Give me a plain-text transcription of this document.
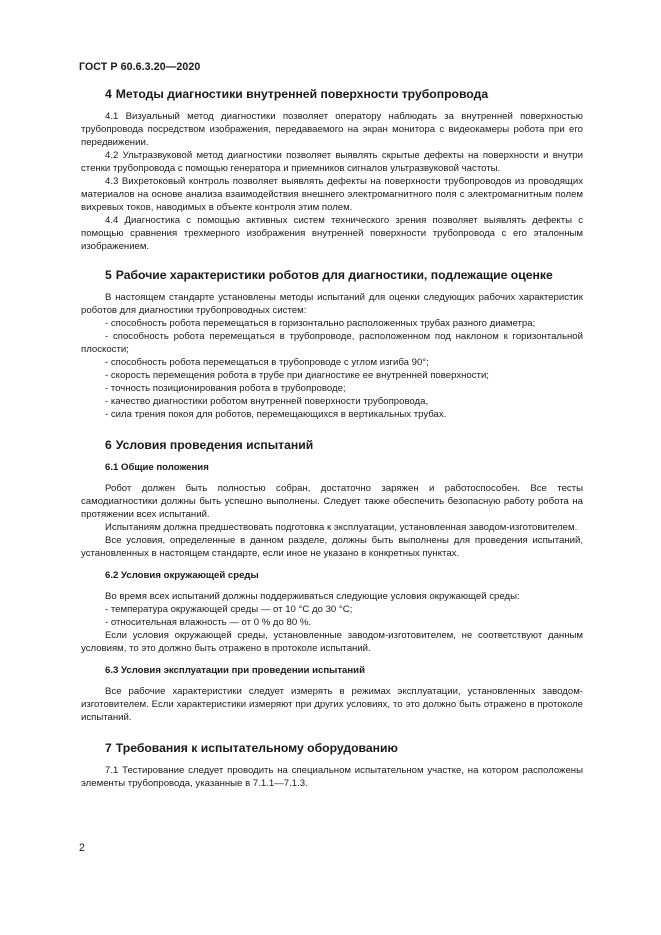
ГОСТ Р 60.6.3.20—2020
4 Методы диагностики внутренней поверхности трубопровода

4.1 Визуальный метод диагностики позволяет оператору наблюдать за внутренней поверхностью трубопровода посредством изображения, передаваемого на экран монитора с видеокамеры робота при его передвижении.

4.2 Ультразвуковой метод диагностики позволяет выявлять скрытые дефекты на поверхности и внутри стенки трубопровода с помощью генератора и приемников сигналов ультразвуковой частоты.

4.3 Вихретоковый контроль позволяет выявлять дефекты на поверхности трубопроводов из проводящих материалов на основе анализа взаимодействия внешнего электромагнитного поля с электромагнитным полем вихревых токов, наводимых в объекте контроля этим полем.

4.4 Диагностика с помощью активных систем технического зрения позволяет выявлять дефекты с помощью сравнения трехмерного изображения внутренней поверхности трубопровода с его эталонным изображением.

5 Рабочие характеристики роботов для диагностики, подлежащие оценке

В настоящем стандарте установлены методы испытаний для оценки следующих рабочих характеристик роботов для диагностики трубопроводных систем:

- способность робота перемещаться в горизонтально расположенных трубах разного диаметра;

- способность робота перемещаться в трубопроводе, расположенном под наклоном к горизонтальной плоскости;

- способность робота перемещаться в трубопроводе с углом изгиба 90°;

- скорость перемещения робота в трубе при диагностике ее внутренней поверхности;

- точность позиционирования робота в трубопроводе;

- качество диагностики роботом внутренней поверхности трубопровода,

- сила трения покоя для роботов, перемещающихся в вертикальных трубах.

6 Условия проведения испытаний
6.1 Общие положения

Робот должен быть полностью собран, достаточно заряжен и работоспособен. Все тесты самодиагностики должны быть успешно выполнены. Следует также обеспечить безопасную работу робота на протяжении всех испытаний.

Испытаниям должна предшествовать подготовка к эксплуатации, установленная заводом-изготовителем.

Все условия, определенные в данном разделе, должны быть выполнены для проведения испытаний, установленных в настоящем стандарте, если иное не указано в конкретных пунктах.

6.2 Условия окружающей среды

Во время всех испытаний должны поддерживаться следующие условия окружающей среды:

- температура окружающей среды — от 10 °С до 30 °С;

- относительная влажность — от 0 % до 80 %.

Если условия окружающей среды, установленные заводом-изготовителем, не соответствуют данным условиям, то это должно быть отражено в протоколе испытаний.

6.3 Условия эксплуатации при проведении испытаний

Все рабочие характеристики следует измерять в режимах эксплуатации, установленных заводом-изготовителем. Если характеристики измеряют при других условиях, то это должно быть отражено в протоколе испытаний.

7 Требования к испытательному оборудованию

7.1 Тестирование следует проводить на специальном испытательном участке, на котором расположены элементы трубопровода, указанные в 7.1.1—7.1.3.

2
